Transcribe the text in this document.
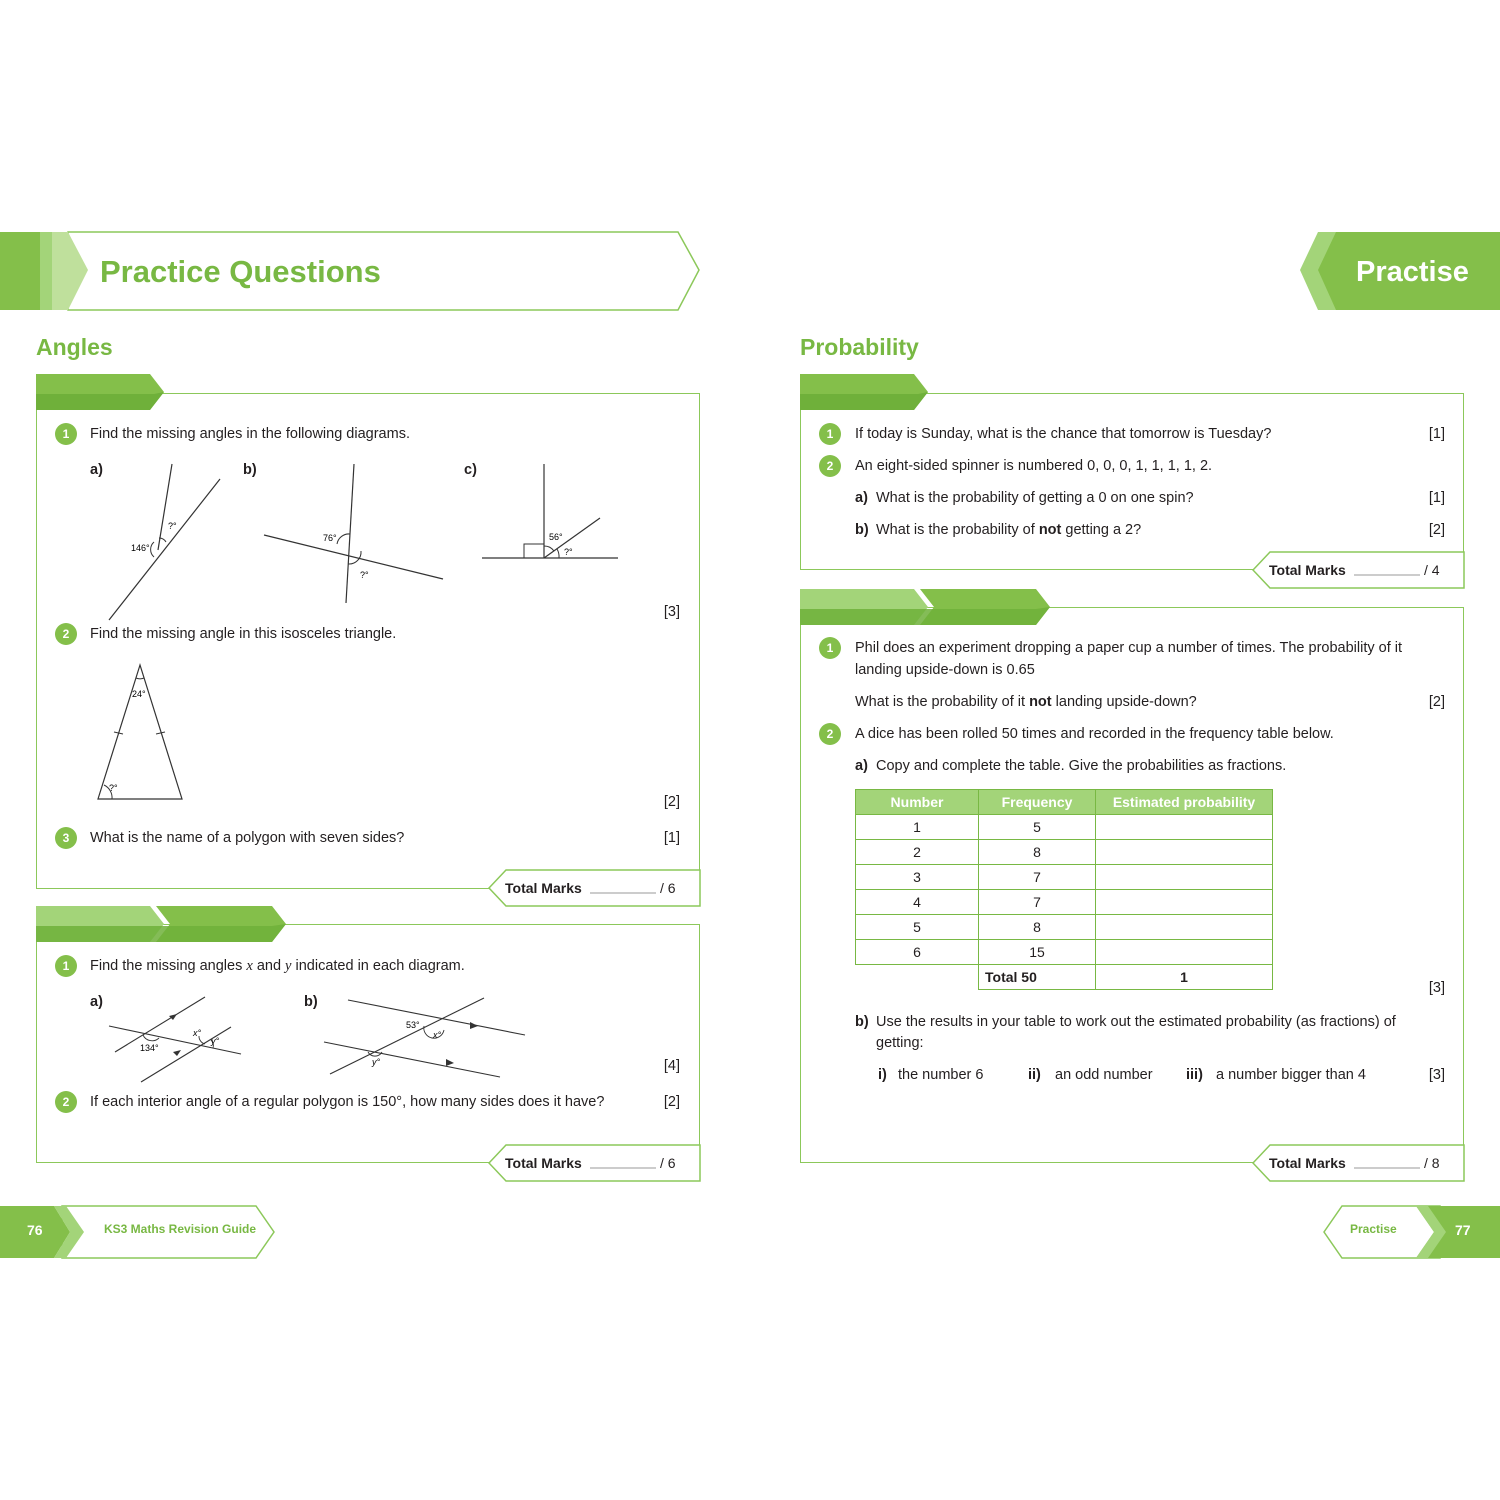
Practice Questions	Practise
Angles
1	Find the missing angles in the following diagrams.
a)	b)	c)
146°
?°
76°
?°
56°
?°
[3]
2	Find the missing angle in this isosceles triangle.
24°
?°
[2]
3	What is the name of a polygon with seven sides?	[1]
Total Marks	/ 6
1	Find the missing angles x and y indicated in each diagram.
a)	b)
134°
x°
y°
53°
x°
y°	[4]
2	If each interior angle of a regular polygon is 150°, how many sides does it have?	[2]
Total Marks	/ 6
Probability
1	If today is Sunday, what is the chance that tomorrow is Tuesday?	[1]
2	An eight-sided spinner is numbered 0, 0, 0, 1, 1, 1, 1, 2.
a) What is the probability of getting a 0 on one spin?	[1]
b) What is the probability of not getting a 2?	[2]
Total Marks	/ 4
1	Phil does an experiment dropping a paper cup a number of times. The probability of it
landing upside-down is 0.65
What is the probability of it not landing upside-down?	[2]
2	A dice has been rolled 50 times and recorded in the frequency table below.
a) Copy and complete the table. Give the probabilities as fractions.
Number	Frequency	Estimated probability
1	5	
2	8	
3	7	
4	7	
5	8	
6	15	
	Total 50	1
[3]
b) Use the results in your table to work out the estimated probability (as fractions) of
getting:
i) the number 6	ii) an odd number iii) a number bigger than 4	[3]
Total Marks	/ 8
76	KS3 Maths Revision Guide	Practise	77
